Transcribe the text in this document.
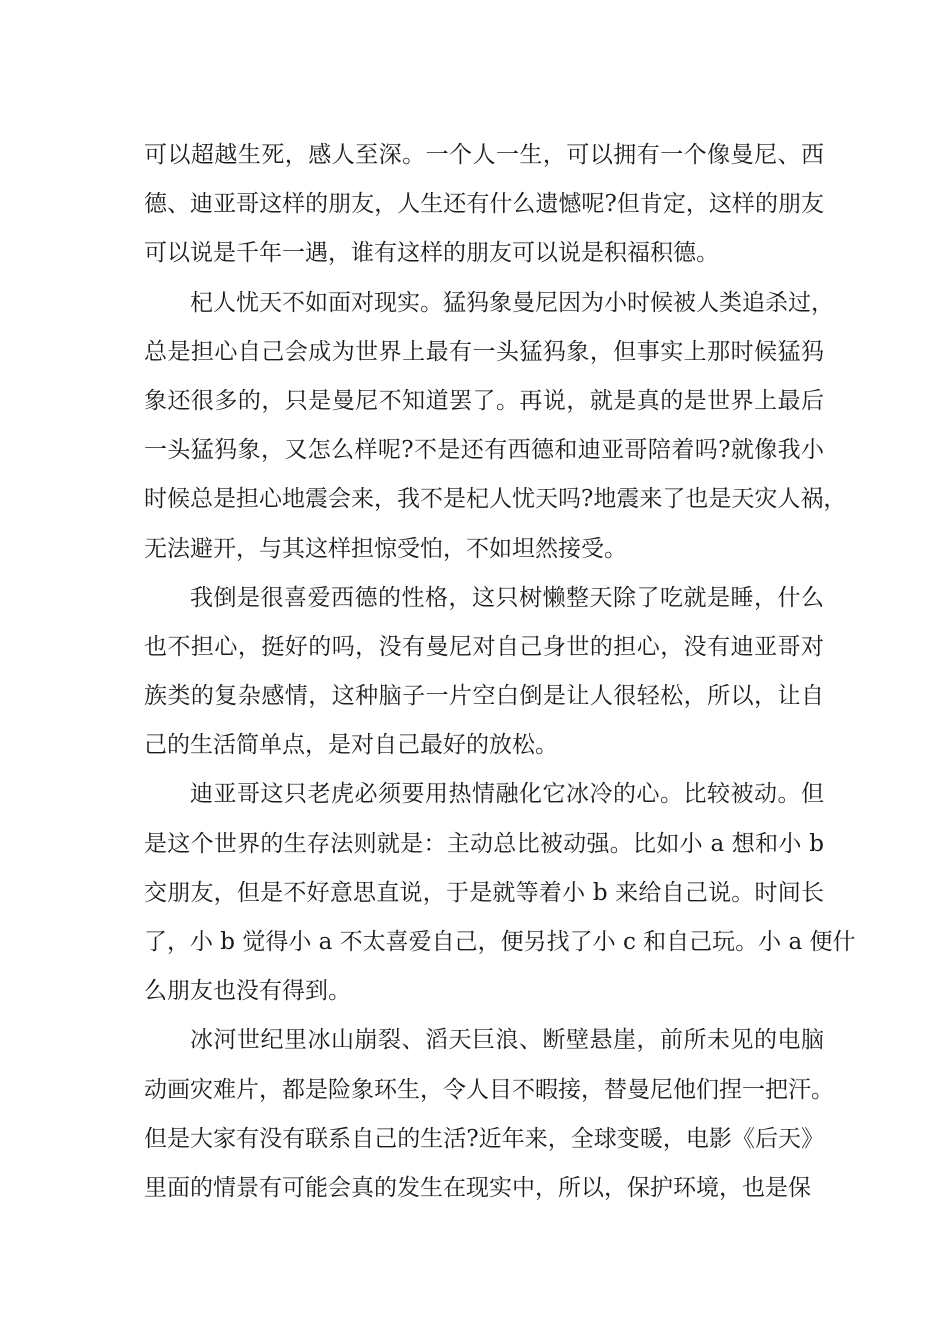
可以超越生死，感人至深。一个人一生，可以拥有一个像曼尼、西
德、迪亚哥这样的朋友，人生还有什么遗憾呢?但肯定，这样的朋友
可以说是千年一遇，谁有这样的朋友可以说是积福积德。
杞人忧天不如面对现实。猛犸象曼尼因为小时候被人类追杀过，
总是担心自己会成为世界上最有一头猛犸象，但事实上那时候猛犸
象还很多的，只是曼尼不知道罢了。再说，就是真的是世界上最后
一头猛犸象，又怎么样呢?不是还有西德和迪亚哥陪着吗?就像我小
时候总是担心地震会来，我不是杞人忧天吗?地震来了也是天灾人祸，
无法避开，与其这样担惊受怕，不如坦然接受。
我倒是很喜爱西德的性格，这只树懒整天除了吃就是睡，什么
也不担心，挺好的吗，没有曼尼对自己身世的担心，没有迪亚哥对
族类的复杂感情，这种脑子一片空白倒是让人很轻松，所以，让自
己的生活简单点，是对自己最好的放松。
迪亚哥这只老虎必须要用热情融化它冰冷的心。比较被动。但
是这个世界的生存法则就是：主动总比被动强。比如小 a 想和小 b
交朋友，但是不好意思直说，于是就等着小 b 来给自己说。时间长
了，小 b 觉得小 a 不太喜爱自己，便另找了小 c 和自己玩。小 a 便什
么朋友也没有得到。
冰河世纪里冰山崩裂、滔天巨浪、断壁悬崖，前所未见的电脑
动画灾难片，都是险象环生，令人目不暇接，替曼尼他们捏一把汗。
但是大家有没有联系自己的生活?近年来，全球变暖，电影《后天》
里面的情景有可能会真的发生在现实中，所以，保护环境，也是保
